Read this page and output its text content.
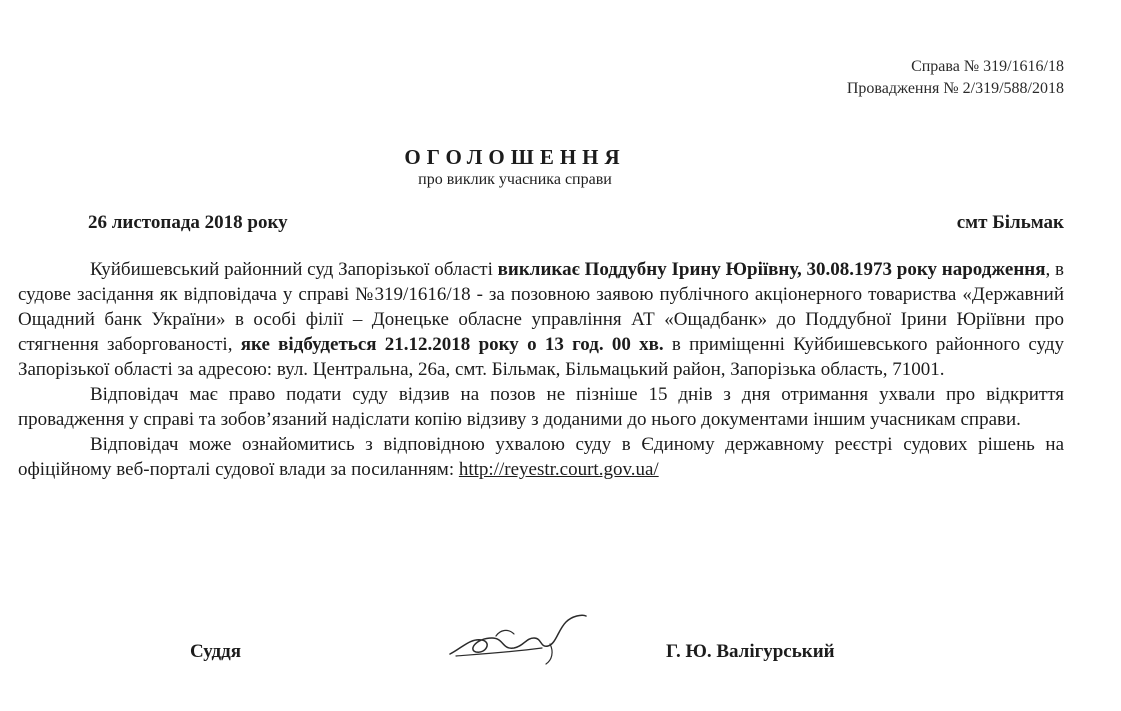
Справа № 319/1616/18
Провадження № 2/319/588/2018
ОГОЛОШЕННЯ
про виклик учасника справи
26 листопада 2018 року	смт Більмак

Куйбишевський районний суд Запорізької області викликає Поддубну Ірину Юріївну, 30.08.1973 року народження, в судове засідання як відповідача у справі №319/1616/18 - за позовною заявою публічного акціонерного товариства «Державний Ощадний банк України» в особі філії – Донецьке обласне управління АТ «Ощадбанк» до Поддубної Ірини Юріївни про стягнення заборгованості, яке відбудеться 21.12.2018 року о 13 год. 00 хв. в приміщенні Куйбишевського районного суду Запорізької області за адресою: вул. Центральна, 26а, смт. Більмак, Більмацький район, Запорізька область, 71001.

Відповідач має право подати суду відзив на позов не пізніше 15 днів з дня отримання ухвали про відкриття провадження у справі та зобов’язаний надіслати копію відзиву з доданими до нього документами іншим учасникам справи.

Відповідач може ознайомитись з відповідною ухвалою суду в Єдиному державному реєстрі судових рішень на офіційному веб-порталі судової влади за посиланням: http://reyestr.court.gov.ua/

Суддя	Г. Ю. Валігурський
